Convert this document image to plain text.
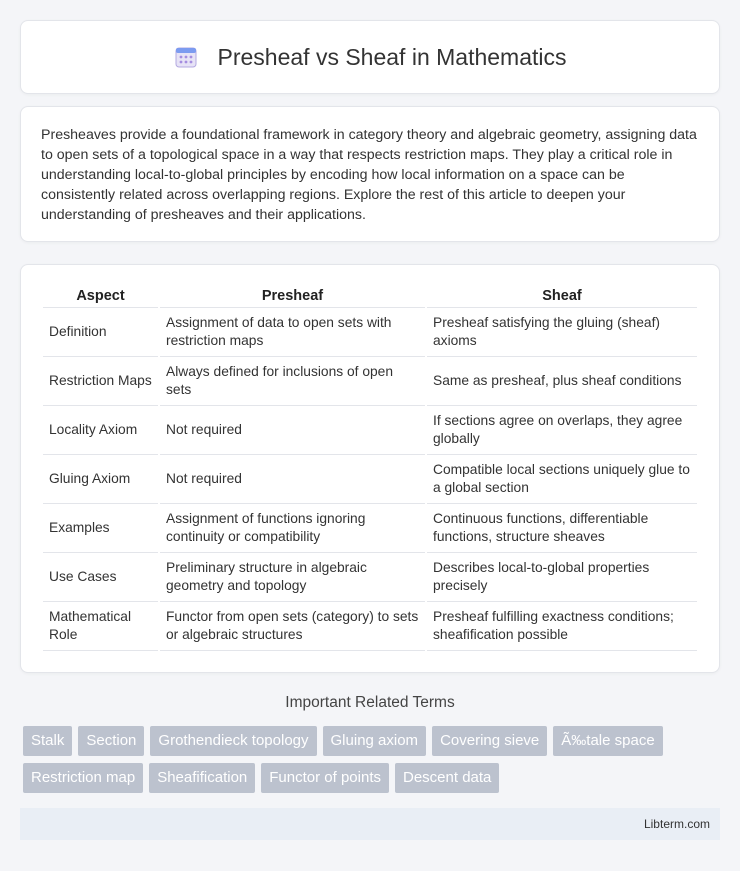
Presheaf vs Sheaf in Mathematics

Presheaves provide a foundational framework in category theory and algebraic geometry, assigning data to open sets of a topological space in a way that respects restriction maps. They play a critical role in understanding local-to-global principles by encoding how local information on a space can be consistently related across overlapping regions. Explore the rest of this article to deepen your understanding of presheaves and their applications.

Aspect	Presheaf	Sheaf
Definition	Assignment of data to open sets with restriction maps	Presheaf satisfying the gluing (sheaf) axioms
Restriction Maps	Always defined for inclusions of open sets	Same as presheaf, plus sheaf conditions
Locality Axiom	Not required	If sections agree on overlaps, they agree globally
Gluing Axiom	Not required	Compatible local sections uniquely glue to a global section
Examples	Assignment of functions ignoring continuity or compatibility	Continuous functions, differentiable functions, structure sheaves
Use Cases	Preliminary structure in algebraic geometry and topology	Describes local-to-global properties precisely
Mathematical Role	Functor from open sets (category) to sets or algebraic structures	Presheaf fulfilling exactness conditions; sheafification possible
Important Related Terms
Stalk	Section	Grothendieck topology	Gluing axiom	Covering sieve	Ã‰tale space
Restriction map	Sheafification	Functor of points	Descent data
Libterm.com
